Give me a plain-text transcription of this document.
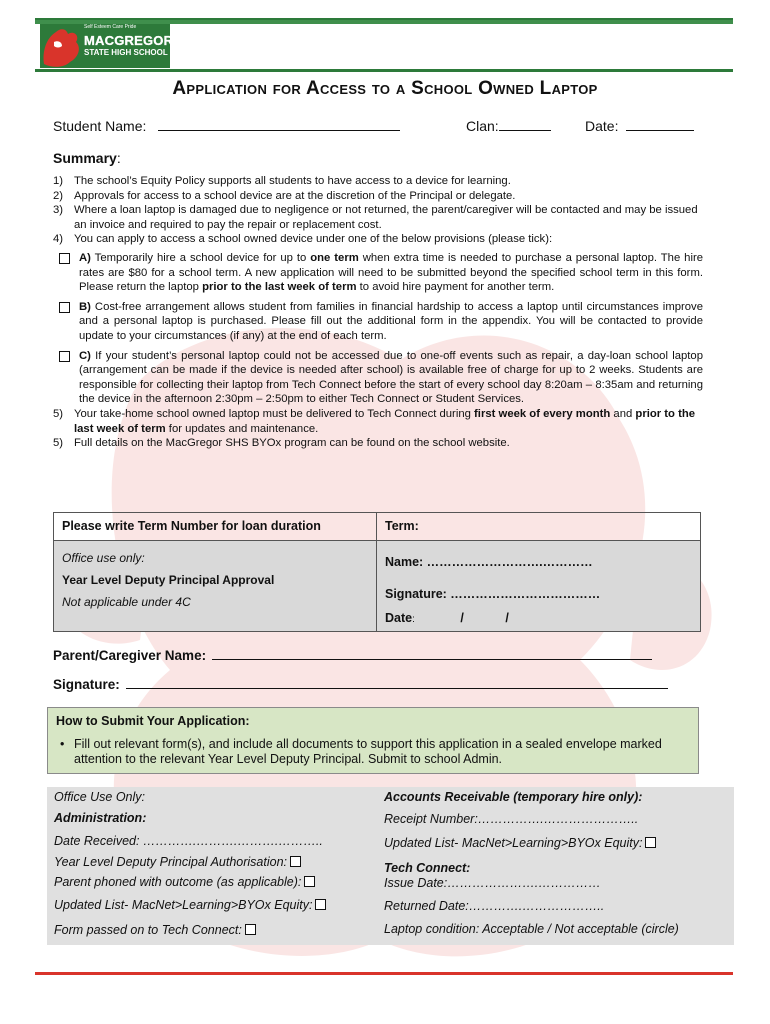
Self Esteem Care Pride
MACGREGOR
STATE HIGH SCHOOL
Application for Access to a School Owned Laptop
Student Name:	Clan:	Date:
Summary:
1) The school’s Equity Policy supports all students to have access to a device for learning.
2) Approvals for access to a school device are at the discretion of the Principal or delegate.
3) Where a loan laptop is damaged due to negligence or not returned, the parent/caregiver will be contacted and may be issued an invoice and required to pay the repair or replacement cost.
4) You can apply to access a school owned device under one of the below provisions (please tick):
A) Temporarily hire a school device for up to one term when extra time is needed to purchase a personal laptop. The hire rates are $80 for a school term. A new application will need to be submitted beyond the specified school term in this form. Please return the laptop prior to the last week of term to avoid hire payment for another term.
B) Cost-free arrangement allows student from families in financial hardship to access a laptop until circumstances improve and a personal laptop is purchased. Please fill out the additional form in the appendix. You will be contacted to provide update to your circumstances (if any) at the end of each term.
C) If your student’s personal laptop could not be accessed due to one-off events such as repair, a day-loan school laptop (arrangement can be made if the device is needed after school) is available free of charge for up to 2 weeks. Students are responsible for collecting their laptop from Tech Connect before the start of every school day 8:20am – 8:35am and returning the device in the afternoon 2:30pm – 2:50pm to either Tech Connect or Student Services.
5) Your take-home school owned laptop must be delivered to Tech Connect during first week of every month and prior to the last week of term for updates and maintenance.
5) Full details on the MacGregor SHS BYOx program can be found on the school website.
Please write Term Number for loan duration	Term:
Office use only:
Year Level Deputy Principal Approval
Not applicable under 4C
Name: ……………………….…………
Signature: ………………………………
Date:	/	/
Parent/Caregiver Name:
Signature:
How to Submit Your Application:
• Fill out relevant form(s), and include all documents to support this application in a sealed envelope marked attention to the relevant Year Level Deputy Principal. Submit to school Admin.
Office Use Only:
Administration:
Date Received: ………….……….……….………..
Year Level Deputy Principal Authorisation:
Parent phoned with outcome (as applicable):
Updated List- MacNet>Learning>BYOx Equity:
Form passed on to Tech Connect:
Accounts Receivable (temporary hire only):
Receipt Number:…………….…………………..
Updated List- MacNet>Learning>BYOx Equity:
Tech Connect:
Issue Date:………………….……………
Returned Date:………….………………..
Laptop condition: Acceptable / Not acceptable (circle)
